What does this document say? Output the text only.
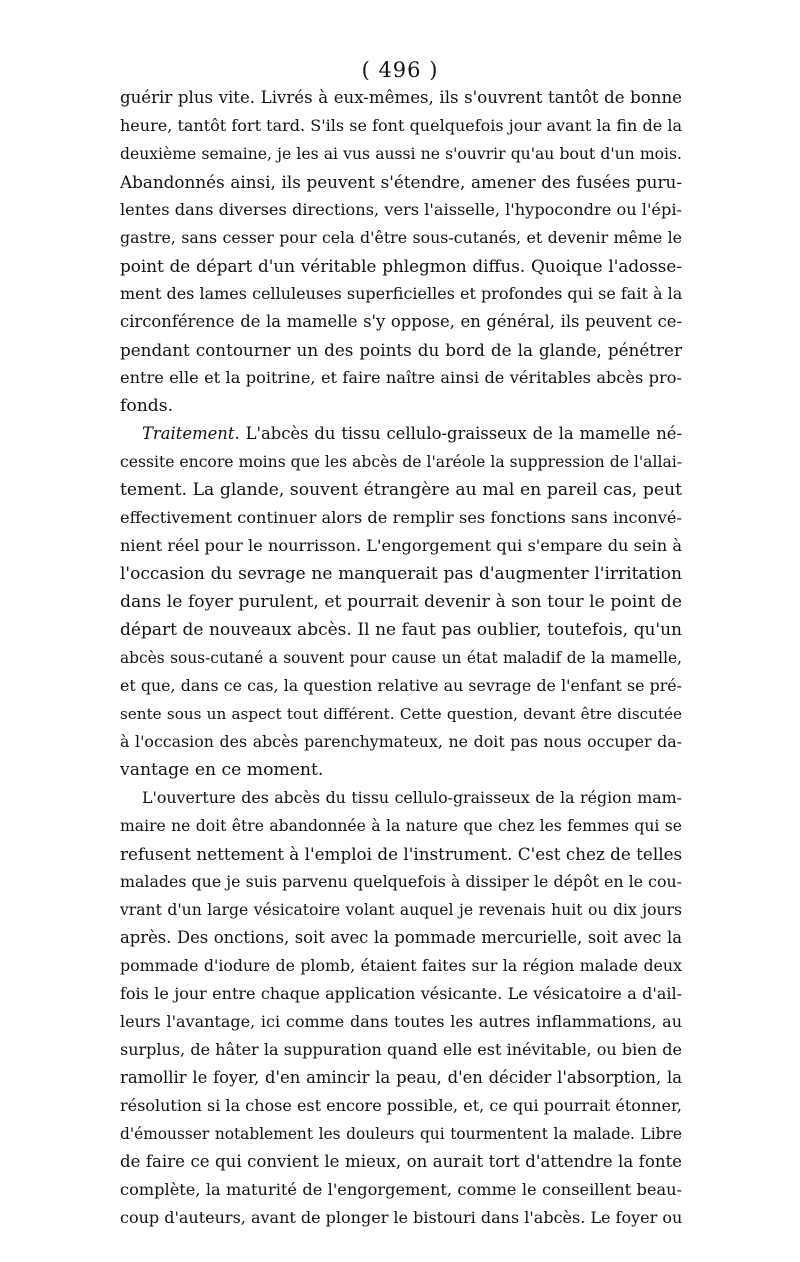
( 496 )
guérir plus vite. Livrés à eux-mêmes, ils s'ouvrent tantôt de bonne
heure, tantôt fort tard. S'ils se font quelquefois jour avant la fin de la
deuxième semaine, je les ai vus aussi ne s'ouvrir qu'au bout d'un mois.
Abandonnés ainsi, ils peuvent s'étendre, amener des fusées puru-
lentes dans diverses directions, vers l'aisselle, l'hypocondre ou l'épi-
gastre, sans cesser pour cela d'être sous-cutanés, et devenir même le
point de départ d'un véritable phlegmon diffus. Quoique l'adosse-
ment des lames celluleuses superficielles et profondes qui se fait à la
circonférence de la mamelle s'y oppose, en général, ils peuvent ce-
pendant contourner un des points du bord de la glande, pénétrer
entre elle et la poitrine, et faire naître ainsi de véritables abcès pro-
fonds.
Traitement. L'abcès du tissu cellulo-graisseux de la mamelle né-
cessite encore moins que les abcès de l'aréole la suppression de l'allai-
tement. La glande, souvent étrangère au mal en pareil cas, peut
effectivement continuer alors de remplir ses fonctions sans inconvé-
nient réel pour le nourrisson. L'engorgement qui s'empare du sein à
l'occasion du sevrage ne manquerait pas d'augmenter l'irritation
dans le foyer purulent, et pourrait devenir à son tour le point de
départ de nouveaux abcès. Il ne faut pas oublier, toutefois, qu'un
abcès sous-cutané a souvent pour cause un état maladif de la mamelle,
et que, dans ce cas, la question relative au sevrage de l'enfant se pré-
sente sous un aspect tout différent. Cette question, devant être discutée
à l'occasion des abcès parenchymateux, ne doit pas nous occuper da-
vantage en ce moment.
L'ouverture des abcès du tissu cellulo-graisseux de la région mam-
maire ne doit être abandonnée à la nature que chez les femmes qui se
refusent nettement à l'emploi de l'instrument. C'est chez de telles
malades que je suis parvenu quelquefois à dissiper le dépôt en le cou-
vrant d'un large vésicatoire volant auquel je revenais huit ou dix jours
après. Des onctions, soit avec la pommade mercurielle, soit avec la
pommade d'iodure de plomb, étaient faites sur la région malade deux
fois le jour entre chaque application vésicante. Le vésicatoire a d'ail-
leurs l'avantage, ici comme dans toutes les autres inflammations, au
surplus, de hâter la suppuration quand elle est inévitable, ou bien de
ramollir le foyer, d'en amincir la peau, d'en décider l'absorption, la
résolution si la chose est encore possible, et, ce qui pourrait étonner,
d'émousser notablement les douleurs qui tourmentent la malade. Libre
de faire ce qui convient le mieux, on aurait tort d'attendre la fonte
complète, la maturité de l'engorgement, comme le conseillent beau-
coup d'auteurs, avant de plonger le bistouri dans l'abcès. Le foyer ou
